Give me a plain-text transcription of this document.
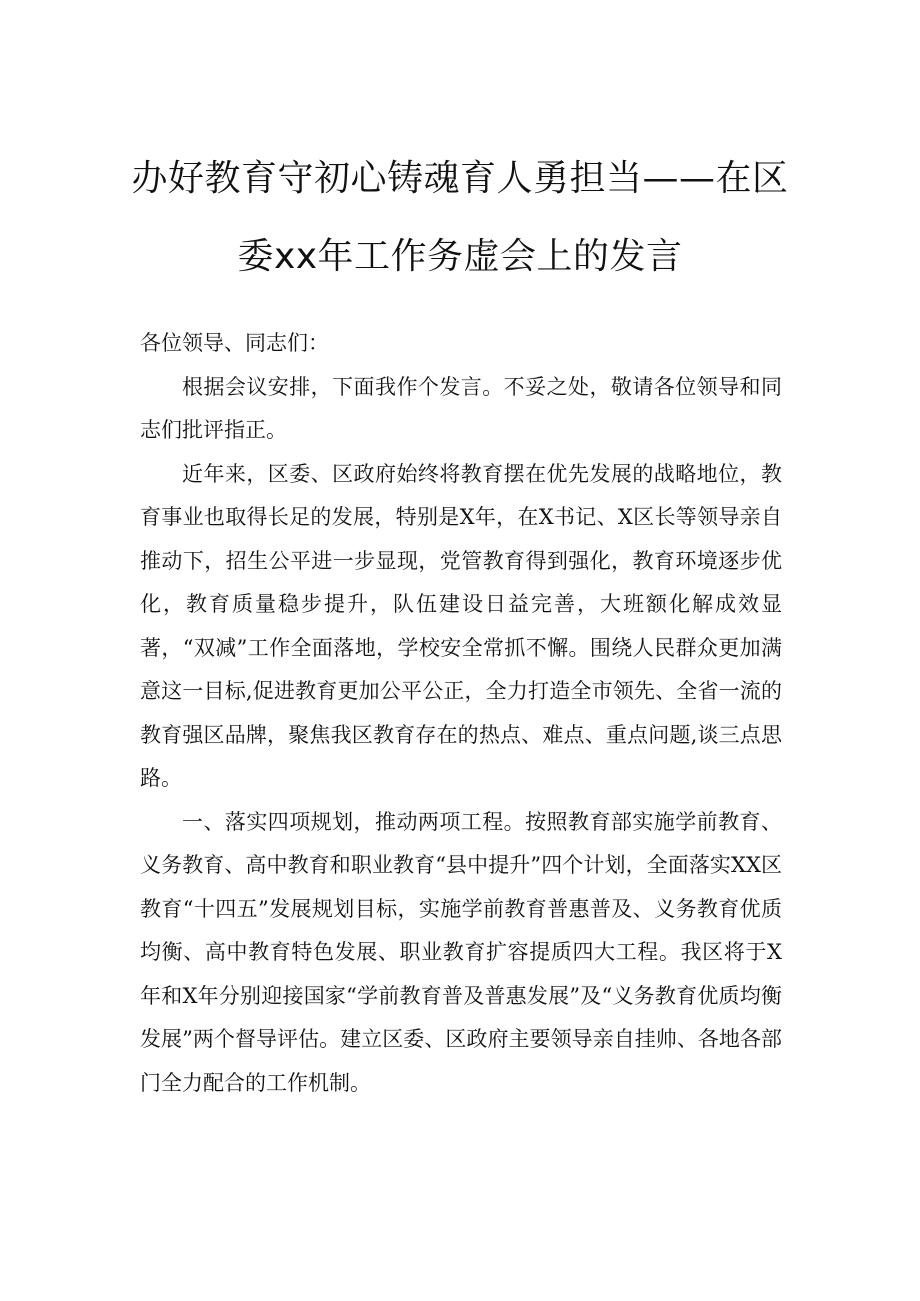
办好教育守初心铸魂育人勇担当——在区委xx年工作务虚会上的发言

各位领导、同志们：

根据会议安排，下面我作个发言。不妥之处，敬请各位领导和同志们批评指正。

近年来，区委、区政府始终将教育摆在优先发展的战略地位，教育事业也取得长足的发展，特别是X年，在X书记、X区长等领导亲自推动下，招生公平进一步显现，党管教育得到强化，教育环境逐步优化，教育质量稳步提升，队伍建设日益完善，大班额化解成效显著，“双减”工作全面落地，学校安全常抓不懈。围绕人民群众更加满意这一目标,促进教育更加公平公正，全力打造全市领先、全省一流的教育强区品牌，聚焦我区教育存在的热点、难点、重点问题,谈三点思路。

一、落实四项规划，推动两项工程。按照教育部实施学前教育、义务教育、高中教育和职业教育“县中提升”四个计划，全面落实XX区教育“十四五”发展规划目标，实施学前教育普惠普及、义务教育优质均衡、高中教育特色发展、职业教育扩容提质四大工程。我区将于X年和X年分别迎接国家“学前教育普及普惠发展”及“义务教育优质均衡发展”两个督导评估。建立区委、区政府主要领导亲自挂帅、各地各部门全力配合的工作机制。
